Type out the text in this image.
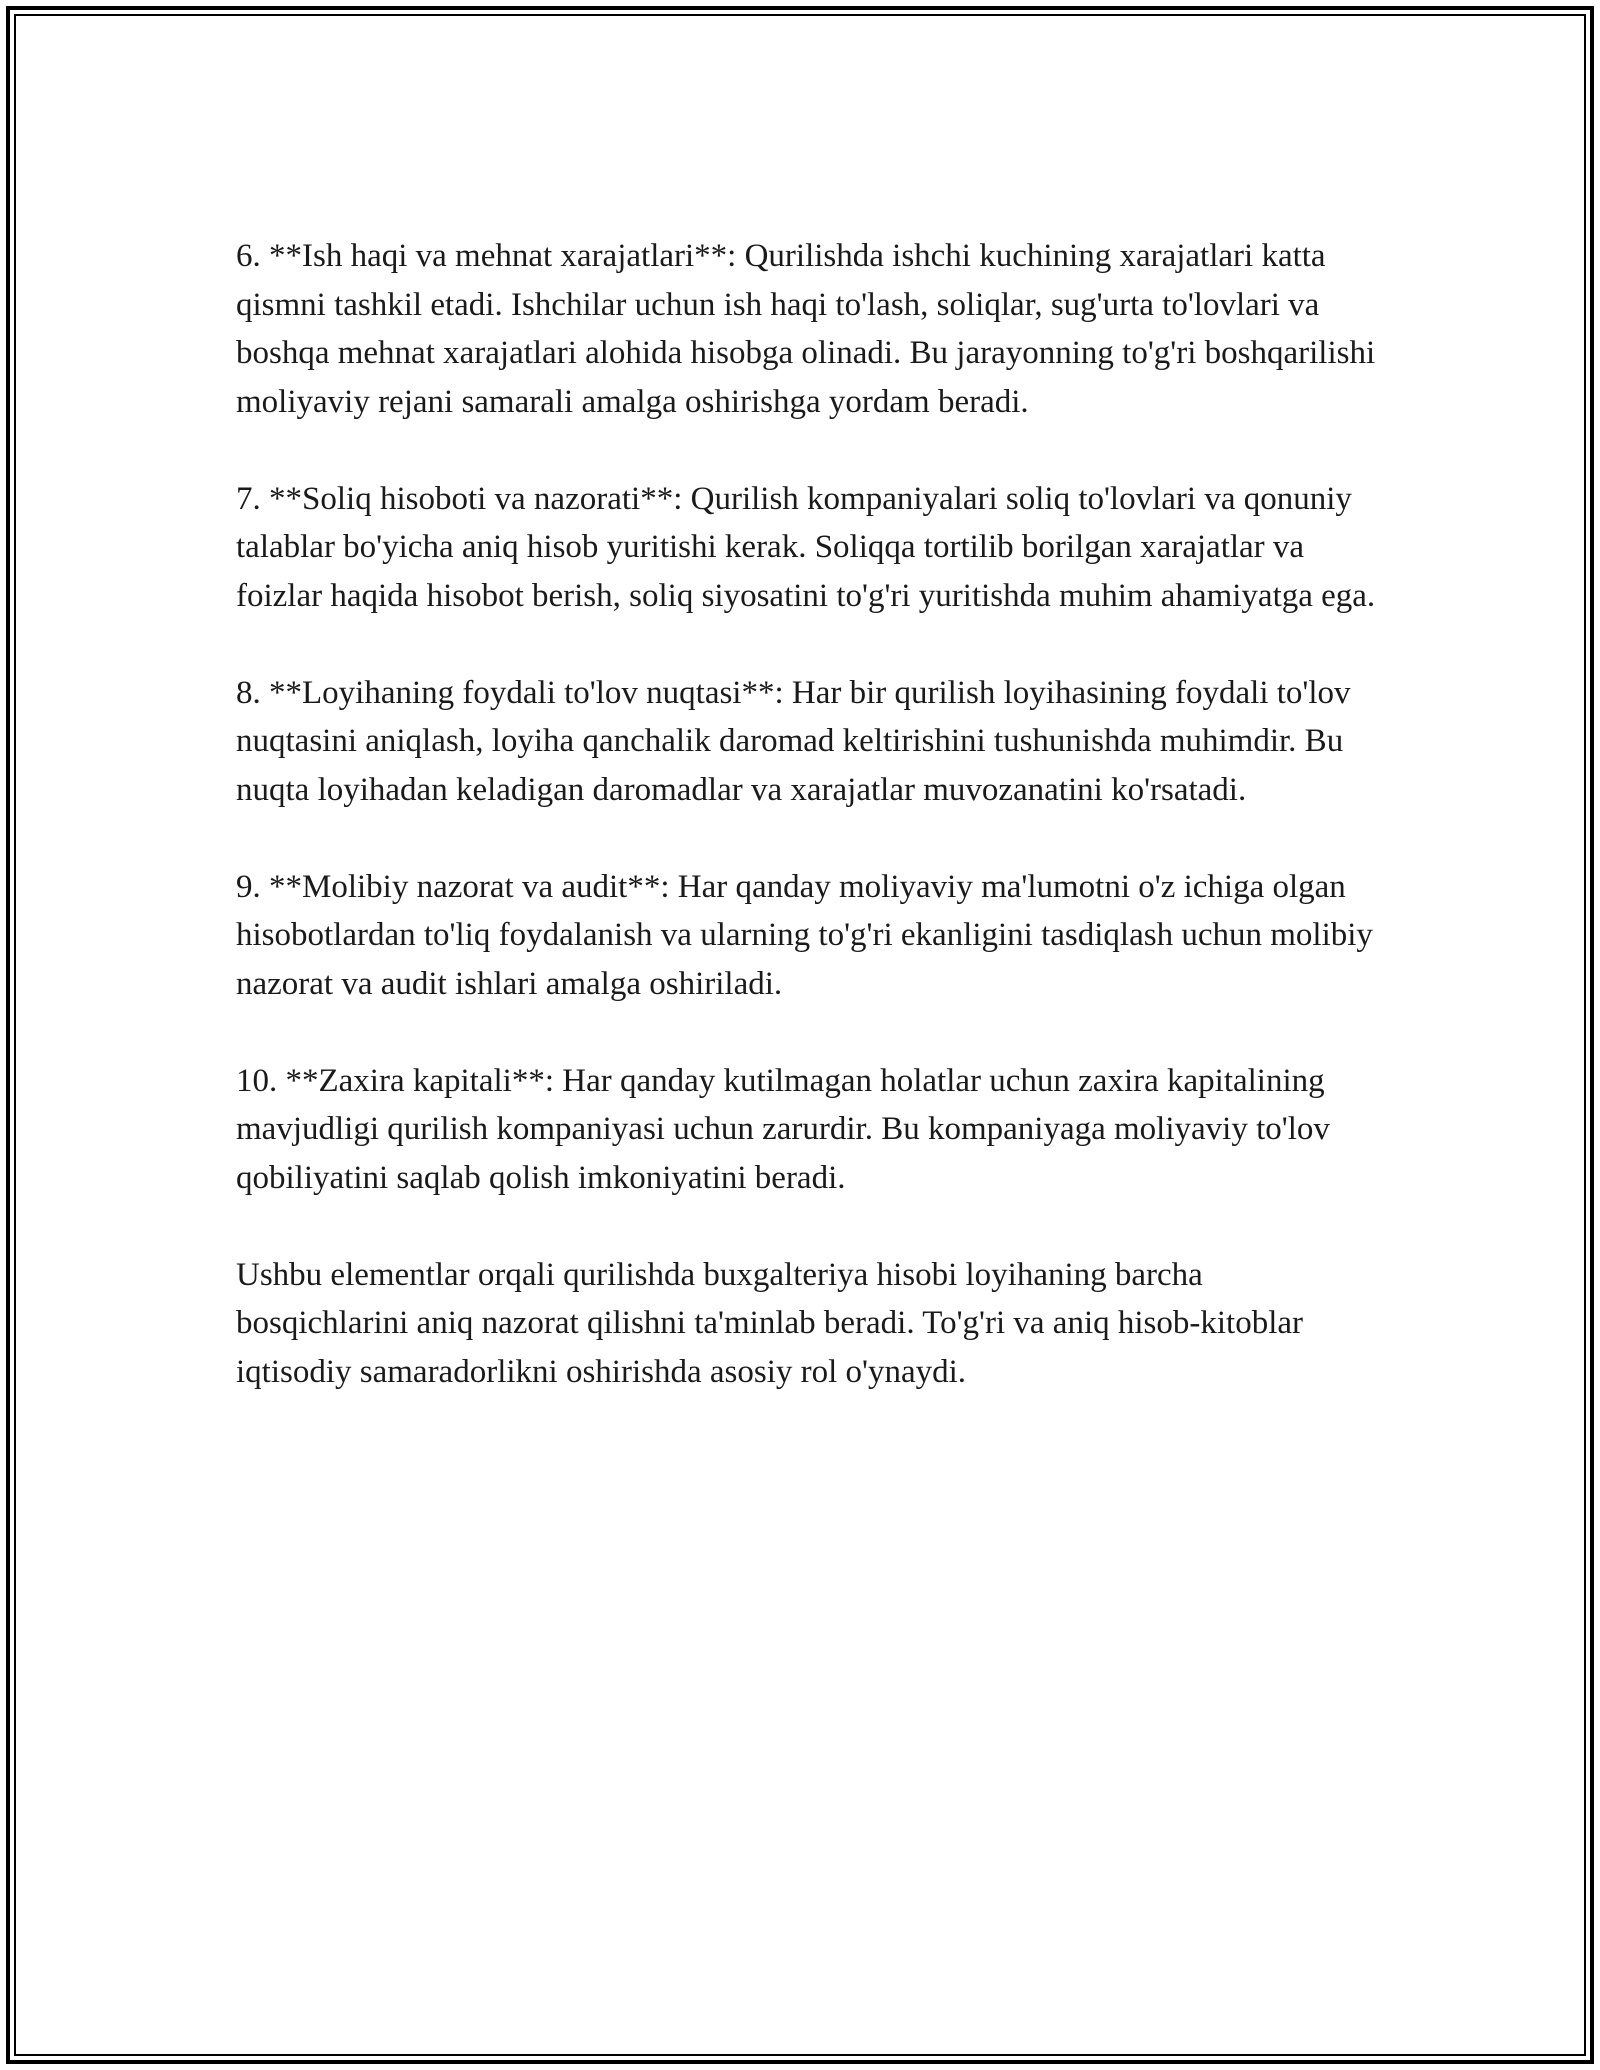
6. **Ish haqi va mehnat xarajatlari**: Qurilishda ishchi kuchining xarajatlari katta qismni tashkil etadi. Ishchilar uchun ish haqi to'lash, soliqlar, sug'urta to'lovlari va boshqa mehnat xarajatlari alohida hisobga olinadi. Bu jarayonning to'g'ri boshqarilishi moliyaviy rejani samarali amalga oshirishga yordam beradi.

7. **Soliq hisoboti va nazorati**: Qurilish kompaniyalari soliq to'lovlari va qonuniy talablar bo'yicha aniq hisob yuritishi kerak. Soliqqa tortilib borilgan xarajatlar va foizlar haqida hisobot berish, soliq siyosatini to'g'ri yuritishda muhim ahamiyatga ega.

8. **Loyihaning foydali to'lov nuqtasi**: Har bir qurilish loyihasining foydali to'lov nuqtasini aniqlash, loyiha qanchalik daromad keltirishini tushunishda muhimdir. Bu nuqta loyihadan keladigan daromadlar va xarajatlar muvozanatini ko'rsatadi.

9. **Molibiy nazorat va audit**: Har qanday moliyaviy ma'lumotni o'z ichiga olgan hisobotlardan to'liq foydalanish va ularning to'g'ri ekanligini tasdiqlash uchun molibiy nazorat va audit ishlari amalga oshiriladi.

10. **Zaxira kapitali**: Har qanday kutilmagan holatlar uchun zaxira kapitalining mavjudligi qurilish kompaniyasi uchun zarurdir. Bu kompaniyaga moliyaviy to'lov qobiliyatini saqlab qolish imkoniyatini beradi.

Ushbu elementlar orqali qurilishda buxgalteriya hisobi loyihaning barcha bosqichlarini aniq nazorat qilishni ta'minlab beradi. To'g'ri va aniq hisob-kitoblar iqtisodiy samaradorlikni oshirishda asosiy rol o'ynaydi.
